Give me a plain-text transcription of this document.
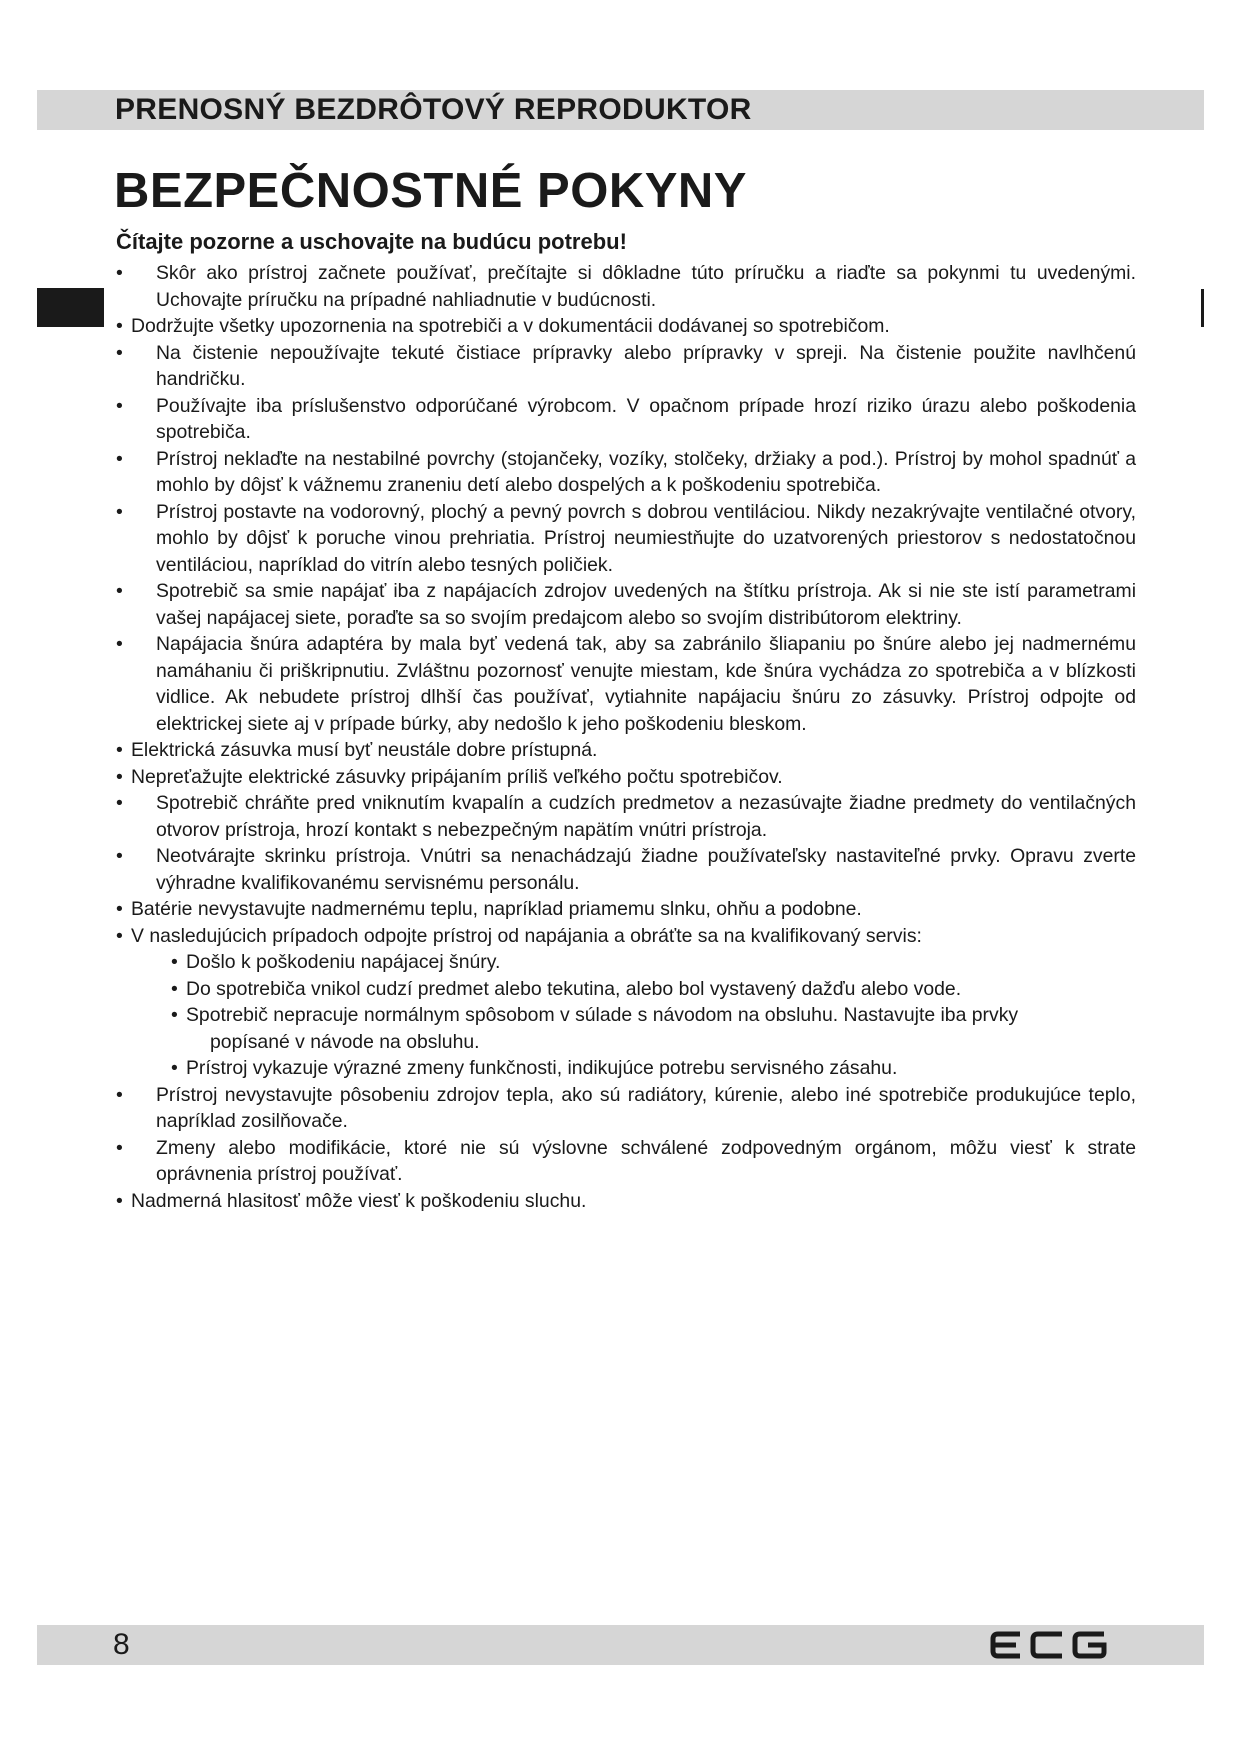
PRENOSNÝ BEZDRÔTOVÝ REPRODUKTOR
BEZPEČNOSTNÉ POKYNY
Čítajte pozorne a uschovajte na budúcu potrebu!
• Skôr ako prístroj začnete používať, prečítajte si dôkladne túto príručku a riaďte sa pokynmi tu uvedenými. Uchovajte príručku na prípadné nahliadnutie v budúcnosti.
• Dodržujte všetky upozornenia na spotrebiči a v dokumentácii dodávanej so spotrebičom.
• Na čistenie nepoužívajte tekuté čistiace prípravky alebo prípravky v spreji. Na čistenie použite navlhčenú handričku.
• Používajte iba príslušenstvo odporúčané výrobcom. V opačnom prípade hrozí riziko úrazu alebo poškodenia spotrebiča.
• Prístroj neklaďte na nestabilné povrchy (stojančeky, vozíky, stolčeky, držiaky a pod.). Prístroj by mohol spadnúť a mohlo by dôjsť k vážnemu zraneniu detí alebo dospelých a k poškodeniu spotrebiča.
• Prístroj postavte na vodorovný, plochý a pevný povrch s dobrou ventiláciou. Nikdy nezakrývajte ventilačné otvory, mohlo by dôjsť k poruche vinou prehriatia. Prístroj neumiestňujte do uzatvorených priestorov s nedostatočnou ventiláciou, napríklad do vitrín alebo tesných poličiek.
• Spotrebič sa smie napájať iba z napájacích zdrojov uvedených na štítku prístroja. Ak si nie ste istí parametrami vašej napájacej siete, poraďte sa so svojím predajcom alebo so svojím distribútorom elektriny.
• Napájacia šnúra adaptéra by mala byť vedená tak, aby sa zabránilo šliapaniu po šnúre alebo jej nadmernému namáhaniu či priškripnutiu. Zvláštnu pozornosť venujte miestam, kde šnúra vychádza zo spotrebiča a v blízkosti vidlice. Ak nebudete prístroj dlhší čas používať, vytiahnite napájaciu šnúru zo zásuvky. Prístroj odpojte od elektrickej siete aj v prípade búrky, aby nedošlo k jeho poškodeniu bleskom.
• Elektrická zásuvka musí byť neustále dobre prístupná.
• Nepreťažujte elektrické zásuvky pripájaním príliš veľkého počtu spotrebičov.
• Spotrebič chráňte pred vniknutím kvapalín a cudzích predmetov a nezasúvajte žiadne predmety do ventilačných otvorov prístroja, hrozí kontakt s nebezpečným napätím vnútri prístroja.
• Neotvárajte skrinku prístroja. Vnútri sa nenachádzajú žiadne používateľsky nastaviteľné prvky. Opravu zverte výhradne kvalifikovanému servisnému personálu.
• Batérie nevystavujte nadmernému teplu, napríklad priamemu slnku, ohňu a podobne.
• V nasledujúcich prípadoch odpojte prístroj od napájania a obráťte sa na kvalifikovaný servis:
• Došlo k poškodeniu napájacej šnúry.
• Do spotrebiča vnikol cudzí predmet alebo tekutina, alebo bol vystavený dažďu alebo vode.
• Spotrebič nepracuje normálnym spôsobom v súlade s návodom na obsluhu. Nastavujte iba prvky
popísané v návode na obsluhu.
• Prístroj vykazuje výrazné zmeny funkčnosti, indikujúce potrebu servisného zásahu.
• Prístroj nevystavujte pôsobeniu zdrojov tepla, ako sú radiátory, kúrenie, alebo iné spotrebiče produkujúce teplo, napríklad zosilňovače.
• Zmeny alebo modifikácie, ktoré nie sú výslovne schválené zodpovedným orgánom, môžu viesť k strate oprávnenia prístroj používať.
• Nadmerná hlasitosť môže viesť k poškodeniu sluchu.
8
